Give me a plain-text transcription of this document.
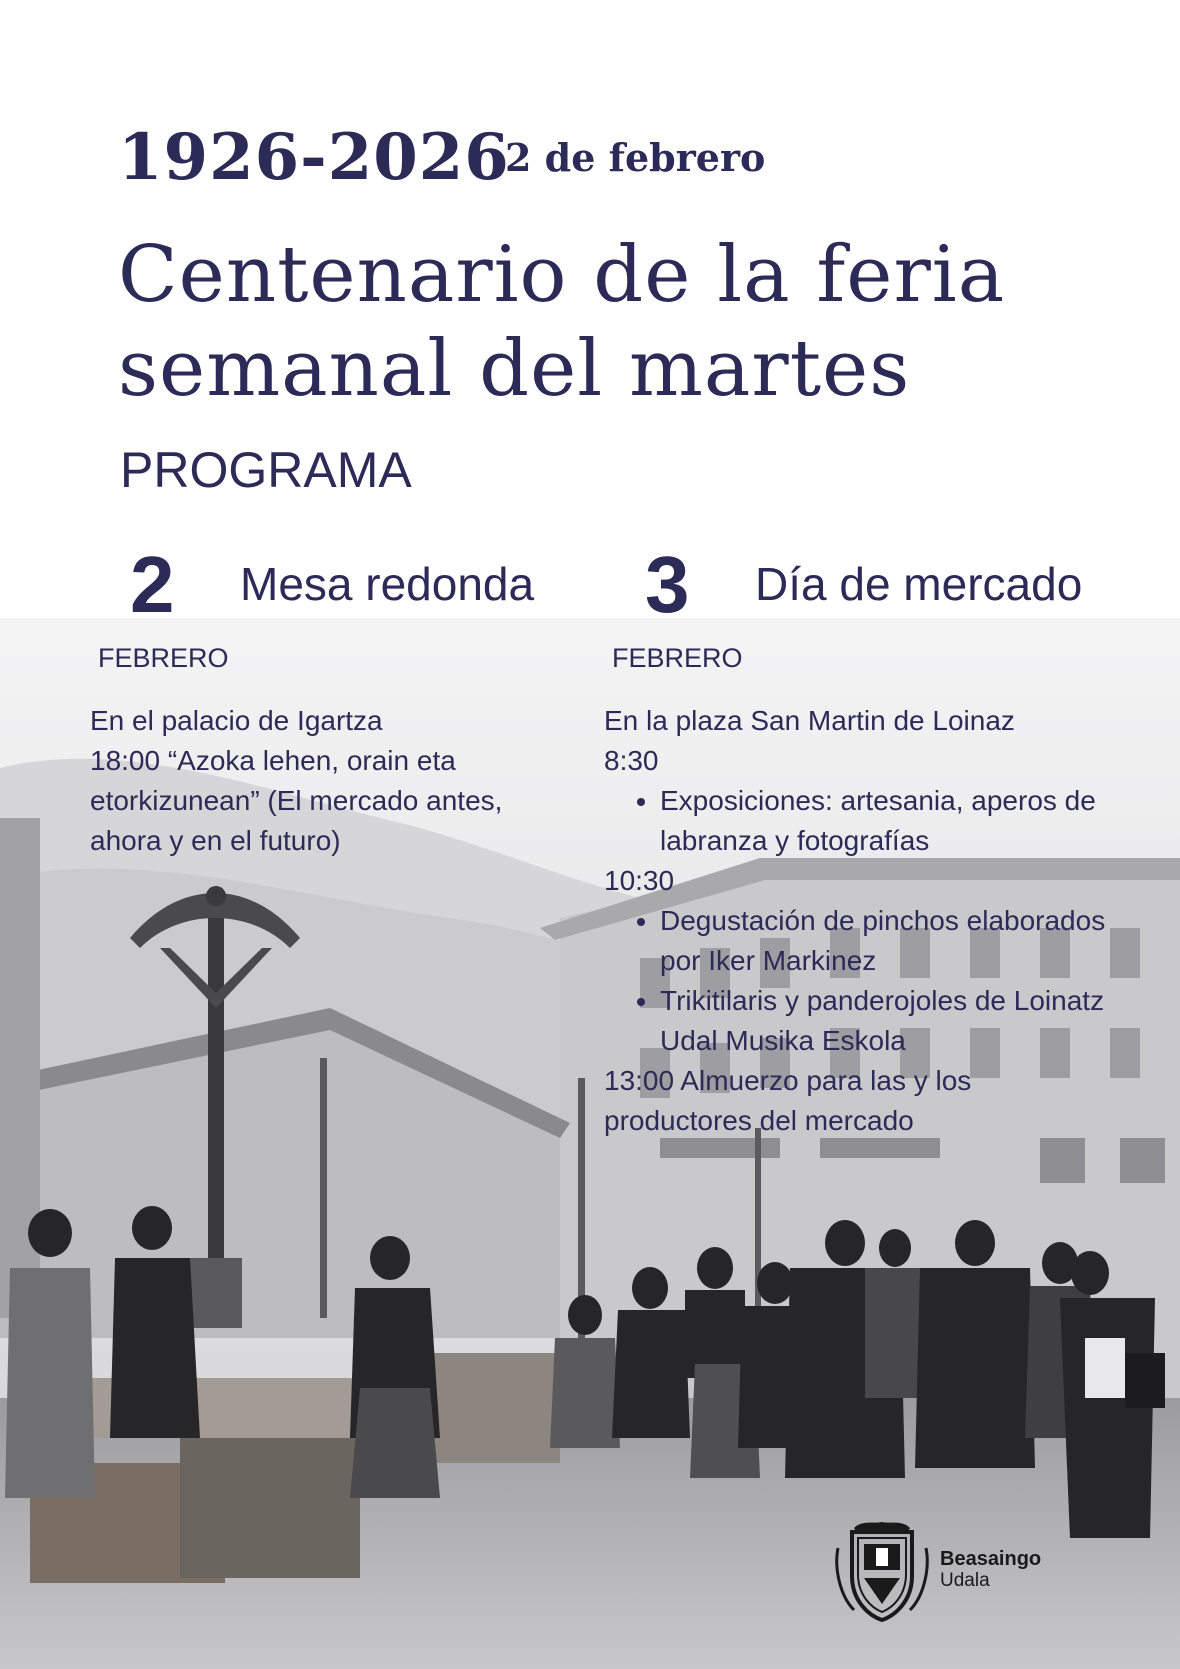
1926-2026
2 de febrero
Centenario de la feria
semanal del martes
PROGRAMA
2 Mesa redonda
FEBRERO

En el palacio de Igartza

18:00 “Azoka lehen, orain eta

etorkizunean” (El mercado antes,

ahora y en el futuro)

3 Día de mercado
FEBRERO

En la plaza San Martin de Loinaz

8:30

• Exposiciones: artesania, aperos de labranza y fotografías

10:30

• Degustación de pinchos elaborados por Iker Markinez
• Trikitilaris y panderojoles de Loinatz Udal Musika Eskola

13:00 Almuerzo para las y los productores del mercado

Beasaingo
Udala
